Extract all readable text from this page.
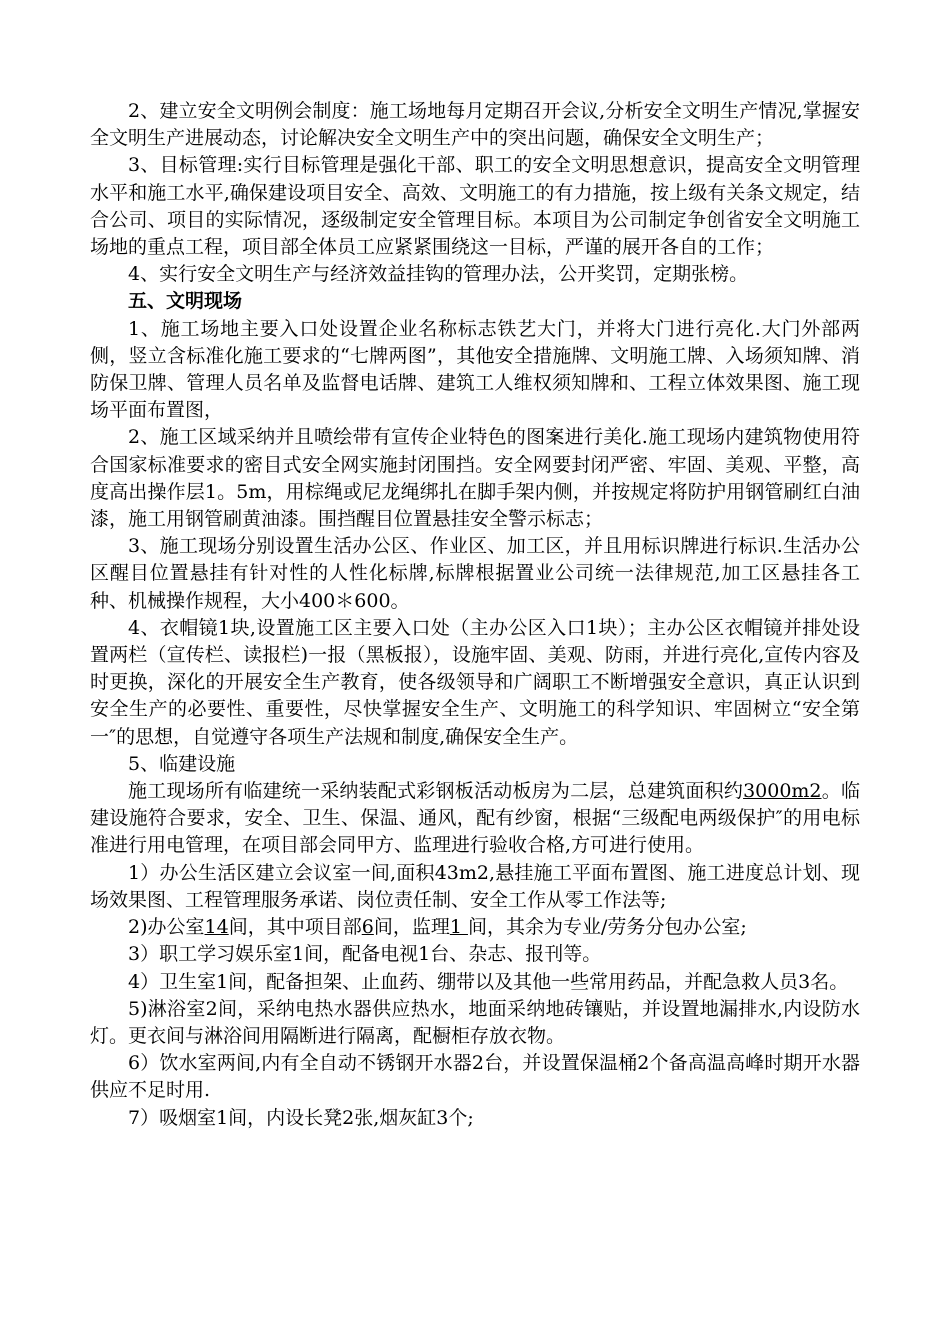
2、建立安全文明例会制度：施工场地每月定期召开会议,分析安全文明生产情况,掌握安全文明生产进展动态，讨论解决安全文明生产中的突出问题，确保安全文明生产；

3、目标管理:实行目标管理是强化干部、职工的安全文明思想意识，提高安全文明管理水平和施工水平,确保建设项目安全、高效、文明施工的有力措施，按上级有关条文规定，结合公司、项目的实际情况，逐级制定安全管理目标。本项目为公司制定争创省安全文明施工场地的重点工程，项目部全体员工应紧紧围绕这一目标，严谨的展开各自的工作；

4、实行安全文明生产与经济效益挂钩的管理办法，公开奖罚，定期张榜。

五、文明现场

1、施工场地主要入口处设置企业名称标志铁艺大门，并将大门进行亮化.大门外部两侧，竖立含标准化施工要求的“七牌两图”，其他安全措施牌、文明施工牌、入场须知牌、消防保卫牌、管理人员名单及监督电话牌、建筑工人维权须知牌和、工程立体效果图、施工现场平面布置图，

2、施工区域采纳并且喷绘带有宣传企业特色的图案进行美化.施工现场内建筑物使用符合国家标准要求的密目式安全网实施封闭围挡。安全网要封闭严密、牢固、美观、平整，高度高出操作层1。5m，用棕绳或尼龙绳绑扎在脚手架内侧，并按规定将防护用钢管刷红白油漆，施工用钢管刷黄油漆。围挡醒目位置悬挂安全警示标志；

3、施工现场分别设置生活办公区、作业区、加工区，并且用标识牌进行标识.生活办公区醒目位置悬挂有针对性的人性化标牌,标牌根据置业公司统一法律规范,加工区悬挂各工种、机械操作规程，大小400＊600。

4、衣帽镜1块,设置施工区主要入口处（主办公区入口1块）；主办公区衣帽镜并排处设置两栏（宣传栏、读报栏)一报（黑板报），设施牢固、美观、防雨，并进行亮化,宣传内容及时更换，深化的开展安全生产教育，使各级领导和广阔职工不断增强安全意识，真正认识到安全生产的必要性、重要性，尽快掌握安全生产、文明施工的科学知识、牢固树立“安全第一″的思想，自觉遵守各项生产法规和制度,确保安全生产。

5、临建设施

施工现场所有临建统一采纳装配式彩钢板活动板房为二层，总建筑面积约3000m2。临建设施符合要求，安全、卫生、保温、通风，配有纱窗，根据“三级配电两级保护″的用电标准进行用电管理，在项目部会同甲方、监理进行验收合格,方可进行使用。

1）办公生活区建立会议室一间,面积43m2,悬挂施工平面布置图、施工进度总计划、现场效果图、工程管理服务承诺、岗位责任制、安全工作从零工作法等;

2)办公室14间，其中项目部6间，监理1 间，其余为专业/劳务分包办公室;

3）职工学习娱乐室1间，配备电视1台、杂志、报刊等。

4）卫生室1间，配备担架、止血药、绷带以及其他一些常用药品，并配急救人员3名。

5)淋浴室2间，采纳电热水器供应热水，地面采纳地砖镶贴，并设置地漏排水,内设防水灯。更衣间与淋浴间用隔断进行隔离，配橱柜存放衣物。

6）饮水室两间,内有全自动不锈钢开水器2台，并设置保温桶2个备高温高峰时期开水器供应不足时用.

7）吸烟室1间，内设长凳2张,烟灰缸3个;
